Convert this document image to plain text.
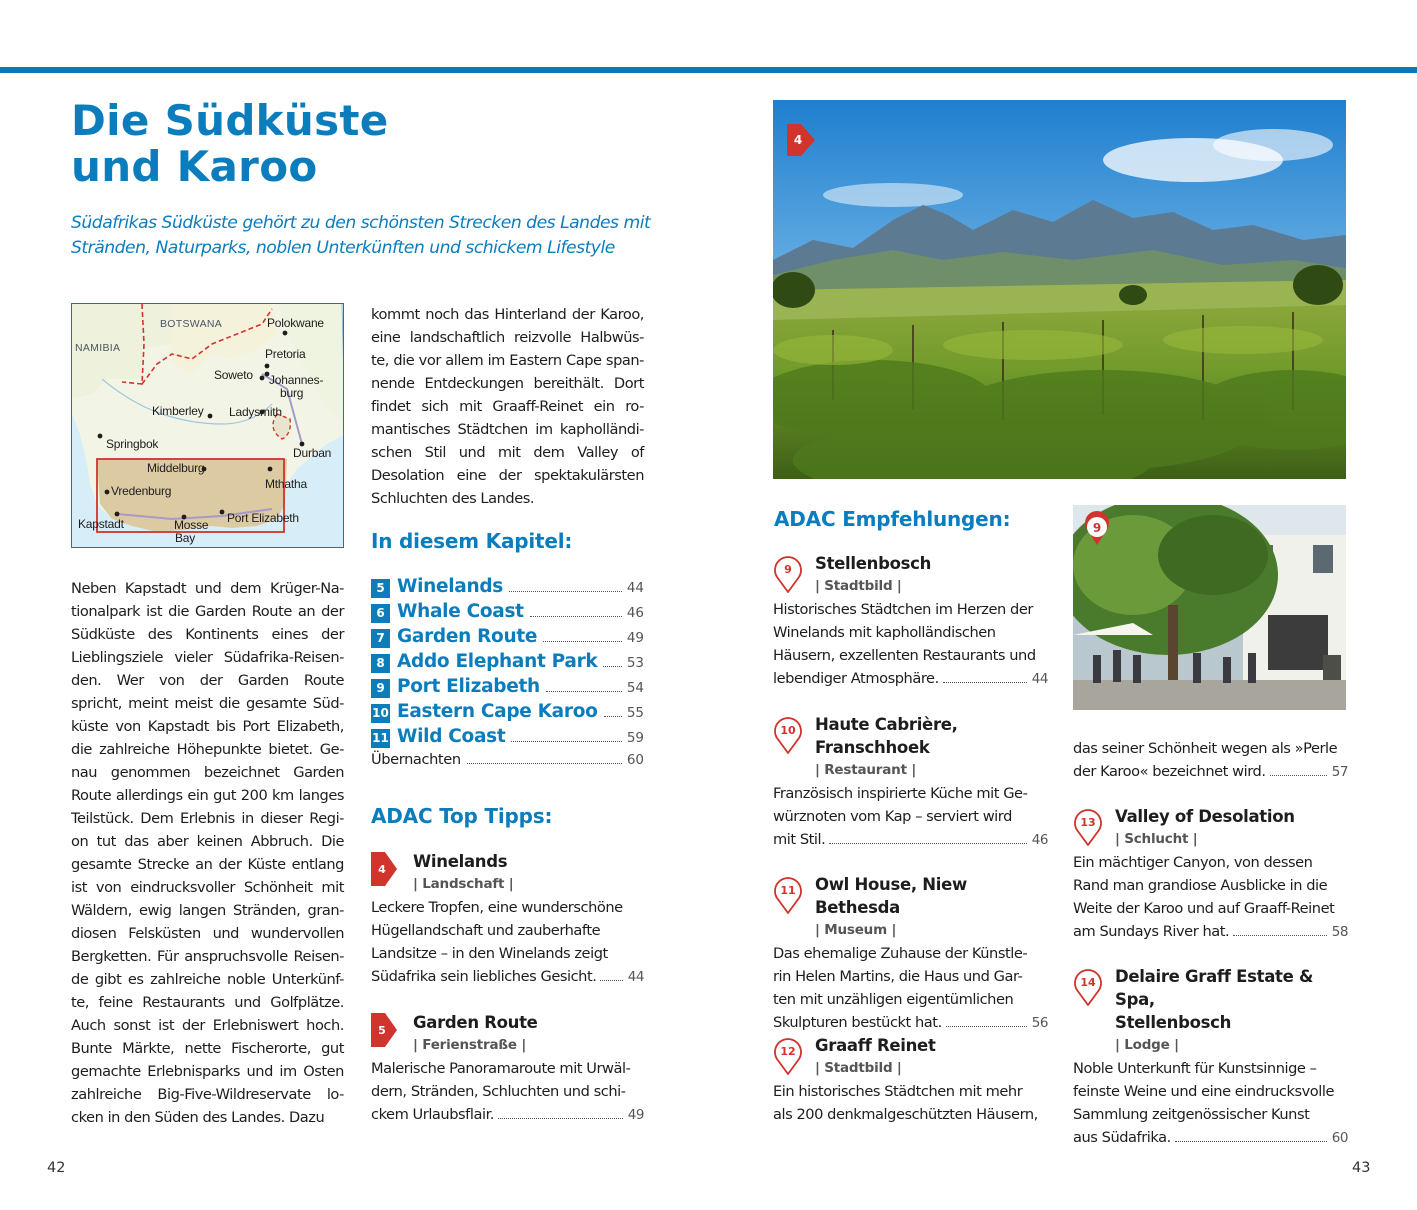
Die Südküste
und Karoo
Südafrikas Südküste gehört zu den schönsten Strecken des Landes mit
Stränden, Naturparks, noblen Unterkünften und schickem Lifestyle
BOTSWANA	Polokwane
NAMIBIA	Pretoria
Soweto Johannes-
burg
Kimberley Ladysmith
Springbok
Durban
Middelburg
Mthatha
Vredenburg
Kapstadt	Mosse
Bay
Port Elizabeth
Neben Kapstadt und dem Krüger-Na-
tionalpark ist die Garden Route an der
Südküste des Kontinents eines der
Lieblingsziele vieler Südafrika-Reisen-
den. Wer von der Garden Route
spricht, meint meist die gesamte Süd-
küste von Kapstadt bis Port Elizabeth,
die zahlreiche Höhepunkte bietet. Ge-
nau genommen bezeichnet Garden
Route allerdings ein gut 200 km langes
Teilstück. Dem Erlebnis in dieser Regi-
on tut das aber keinen Abbruch. Die
gesamte Strecke an der Küste entlang
ist von eindrucksvoller Schönheit mit
Wäldern, ewig langen Stränden, gran-
diosen Felsküsten und wundervollen
Bergketten. Für anspruchsvolle Reisen-
de gibt es zahlreiche noble Unterkünf-
te, feine Restaurants und Golfplätze.
Auch sonst ist der Erlebniswert hoch.
Bunte Märkte, nette Fischerorte, gut
gemachte Erlebnisparks und im Osten
zahlreiche Big-Five-Wildreservate lo-
cken in den Süden des Landes. Dazu
kommt noch das Hinterland der Karoo,
eine landschaftlich reizvolle Halbwüs-
te, die vor allem im Eastern Cape span-
nende Entdeckungen bereithält. Dort
findet sich mit Graaff-Reinet ein ro-
mantisches Städtchen im kapholländi-
schen Stil und mit dem Valley of
Desolation eine der spektakulärsten
Schluchten des Landes.
In diesem Kapitel:
5 Winelands	44
6 Whale Coast	46
7 Garden Route	49
8 Addo Elephant Park 53
9 Port Elizabeth	54
10 Eastern Cape Karoo 55
11 Wild Coast	59
Übernachten	60
ADAC Top Tipps:
4 Winelands
| Landschaft |
Leckere Tropfen, eine wunderschöne
Hügellandschaft und zauberhafte
Landsitze – in den Winelands zeigt
Südafrika sein liebliches Gesicht. 44
5 Garden Route
| Ferienstraße |
Malerische Panoramaroute mit Urwäl-
dern, Stränden, Schluchten und schi-
ckem Urlaubsflair.	49
4
ADAC Empfehlungen:	9
9 Stellenbosch
| Stadtbild |
Historisches Städtchen im Herzen der
Winelands mit kapholländischen
Häusern, exzellenten Restaurants und
lebendiger Atmosphäre.	44
10 Haute Cabrière,
Franschhoek
| Restaurant |
Französisch inspirierte Küche mit Ge-
würznoten vom Kap – serviert wird
mit Stil.	46
11 Owl House, Niew Bethesda
| Museum |
Das ehemalige Zuhause der Künstle-
rin Helen Martins, die Haus und Gar-
ten mit unzähligen eigentümlichen
Skulpturen bestückt hat.	56
12 Graaff Reinet
| Stadtbild |
Ein historisches Städtchen mit mehr
als 200 denkmalgeschützten Häusern,
das seiner Schönheit wegen als »Perle
der Karoo« bezeichnet wird.	57
13 Valley of Desolation
| Schlucht |
Ein mächtiger Canyon, von dessen
Rand man grandiose Ausblicke in die
Weite der Karoo und auf Graaff-Reinet
am Sundays River hat.	58
14 Delaire Graff Estate & Spa,
Stellenbosch
| Lodge |
Noble Unterkunft für Kunstsinnige –
feinste Weine und eine eindrucksvolle
Sammlung zeitgenössischer Kunst
aus Südafrika.	60
42	43
